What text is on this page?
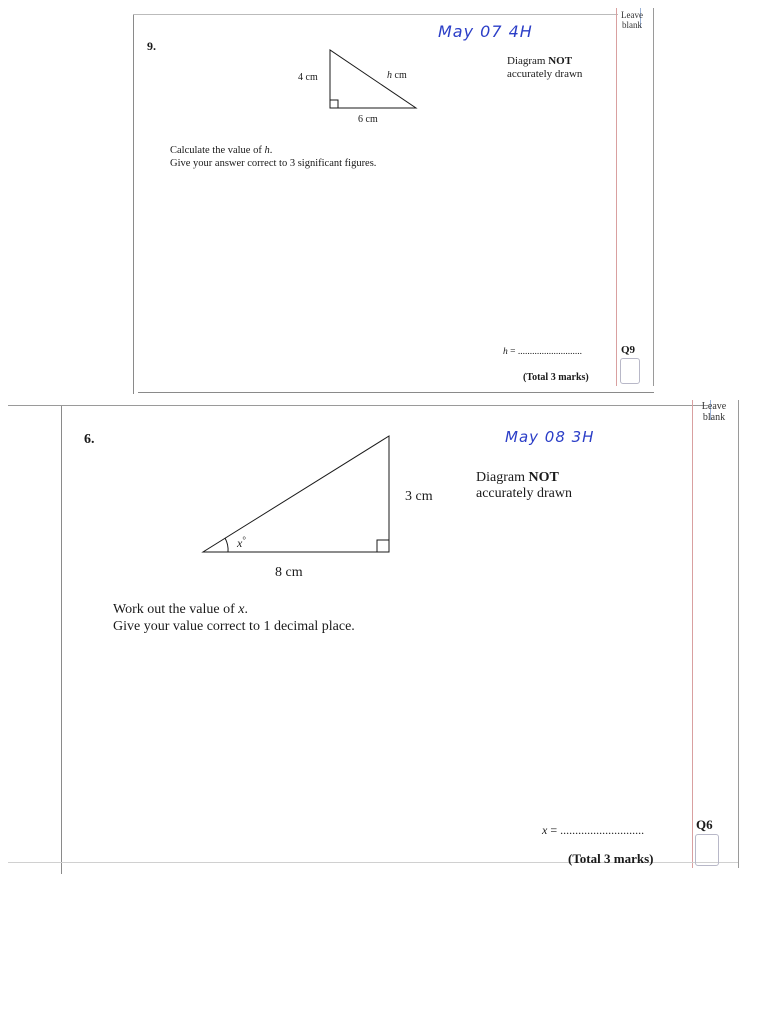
Leave
blank
9.
May 07 4H
4 cm	h cm
6 cm
Diagram NOT
accurately drawn
Calculate the value of h.
Give your answer correct to 3 significant figures.
h = ...........................	Q9
(Total 3 marks)
Leave
blank
6.	May 08 3H
x°
3 cm
8 cm
Diagram NOT
accurately drawn
Work out the value of x.
Give your value correct to 1 decimal place.
x = ............................	Q6
(Total 3 marks)
